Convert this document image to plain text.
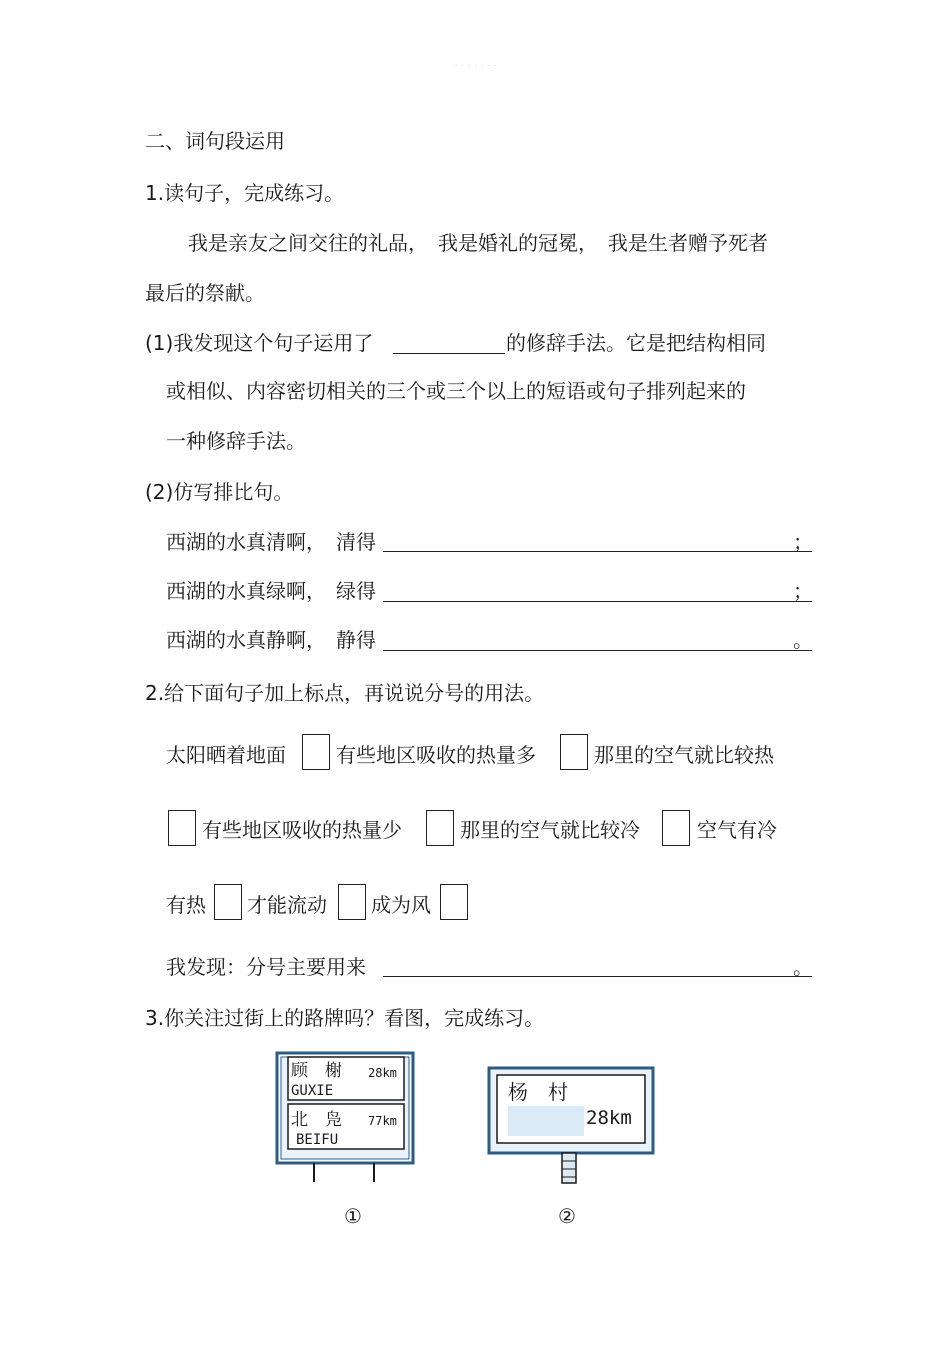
· · · · · · ·
二、词句段运用
1.读句子，完成练习。
我是亲友之间交往的礼品，　我是婚礼的冠冕，　我是生者赠予死者
最后的祭献。
(1)我发现这个句子运用了	的修辞手法。它是把结构相同
或相似、内容密切相关的三个或三个以上的短语或句子排列起来的
一种修辞手法。
(2)仿写排比句。
西湖的水真清啊，　清得	；
西湖的水真绿啊，　绿得	；
西湖的水真静啊，　静得	。
2.给下面句子加上标点，再说说分号的用法。
太阳晒着地面	有些地区吸收的热量多	那里的空气就比较热
有些地区吸收的热量少	那里的空气就比较冷	空气有冷
有热 才能流动 成为风
我发现：分号主要用来	。
3.你关注过街上的路牌吗？看图，完成练习。
顾　榭
GUXIE
28km
北　凫
BEIFU
77km
①
杨　村
28km
②
